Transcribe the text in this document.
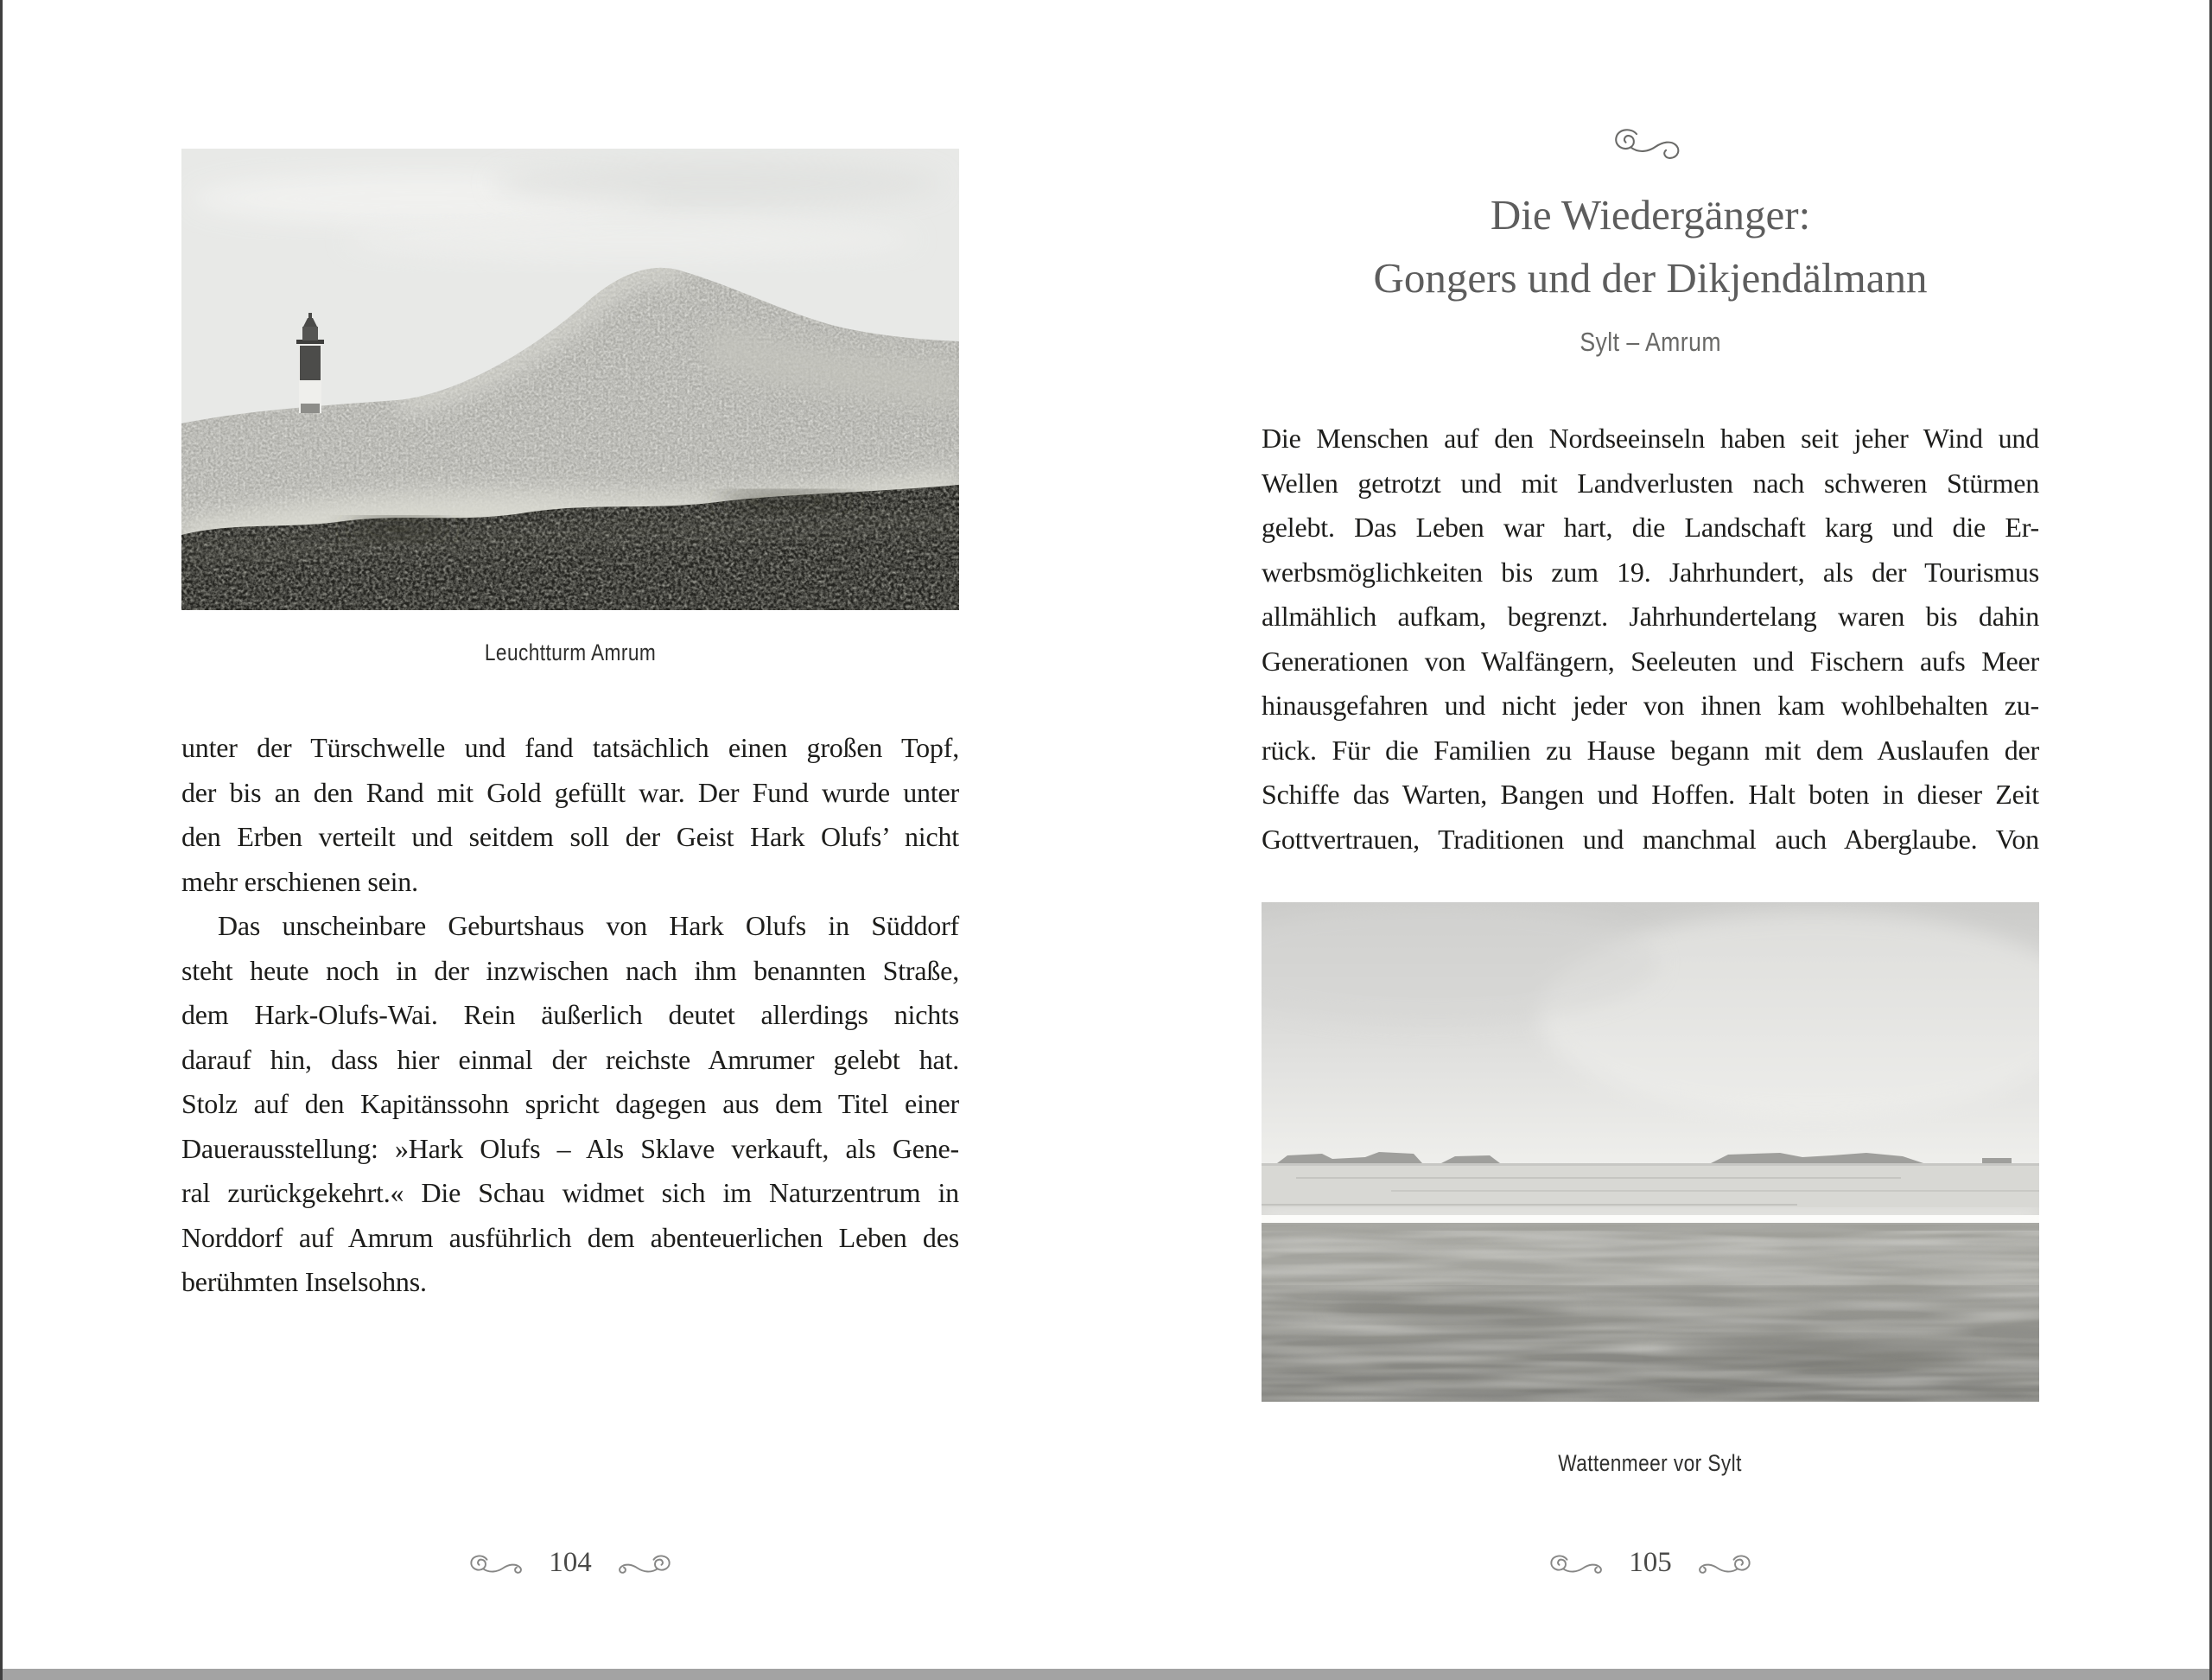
Leuchtturm Amrum
unter der Türschwelle und fand tatsächlich einen großen Topf,
der bis an den Rand mit Gold gefüllt war. Der Fund wurde unter
den Erben verteilt und seitdem soll der Geist Hark Olufs’ nicht
mehr erschienen sein.
Das unscheinbare Geburtshaus von Hark Olufs in Süddorf
steht heute noch in der inzwischen nach ihm benannten Straße,
dem Hark-Olufs-Wai. Rein äußerlich deutet allerdings nichts
darauf hin, dass hier einmal der reichste Amrumer gelebt hat.
Stolz auf den Kapitänssohn spricht dagegen aus dem Titel einer
Dauerausstellung: »Hark Olufs – Als Sklave verkauft, als Gene-
ral zurückgekehrt.« Die Schau widmet sich im Naturzentrum in
Norddorf auf Amrum ausführlich dem abenteuerlichen Leben des
berühmten Inselsohns.
104
Die Wiedergänger:
Gongers und der Dikjendälmann
Sylt – Amrum
Die Menschen auf den Nordseeinseln haben seit jeher Wind und
Wellen getrotzt und mit Landverlusten nach schweren Stürmen
gelebt. Das Leben war hart, die Landschaft karg und die Er-
werbsmöglichkeiten bis zum 19. Jahrhundert, als der Tourismus
allmählich aufkam, begrenzt. Jahrhundertelang waren bis dahin
Generationen von Walfängern, Seeleuten und Fischern aufs Meer
hinausgefahren und nicht jeder von ihnen kam wohlbehalten zu-
rück. Für die Familien zu Hause begann mit dem Auslaufen der
Schiffe das Warten, Bangen und Hoffen. Halt boten in dieser Zeit
Gottvertrauen, Traditionen und manchmal auch Aberglaube. Von
Wattenmeer vor Sylt
105
